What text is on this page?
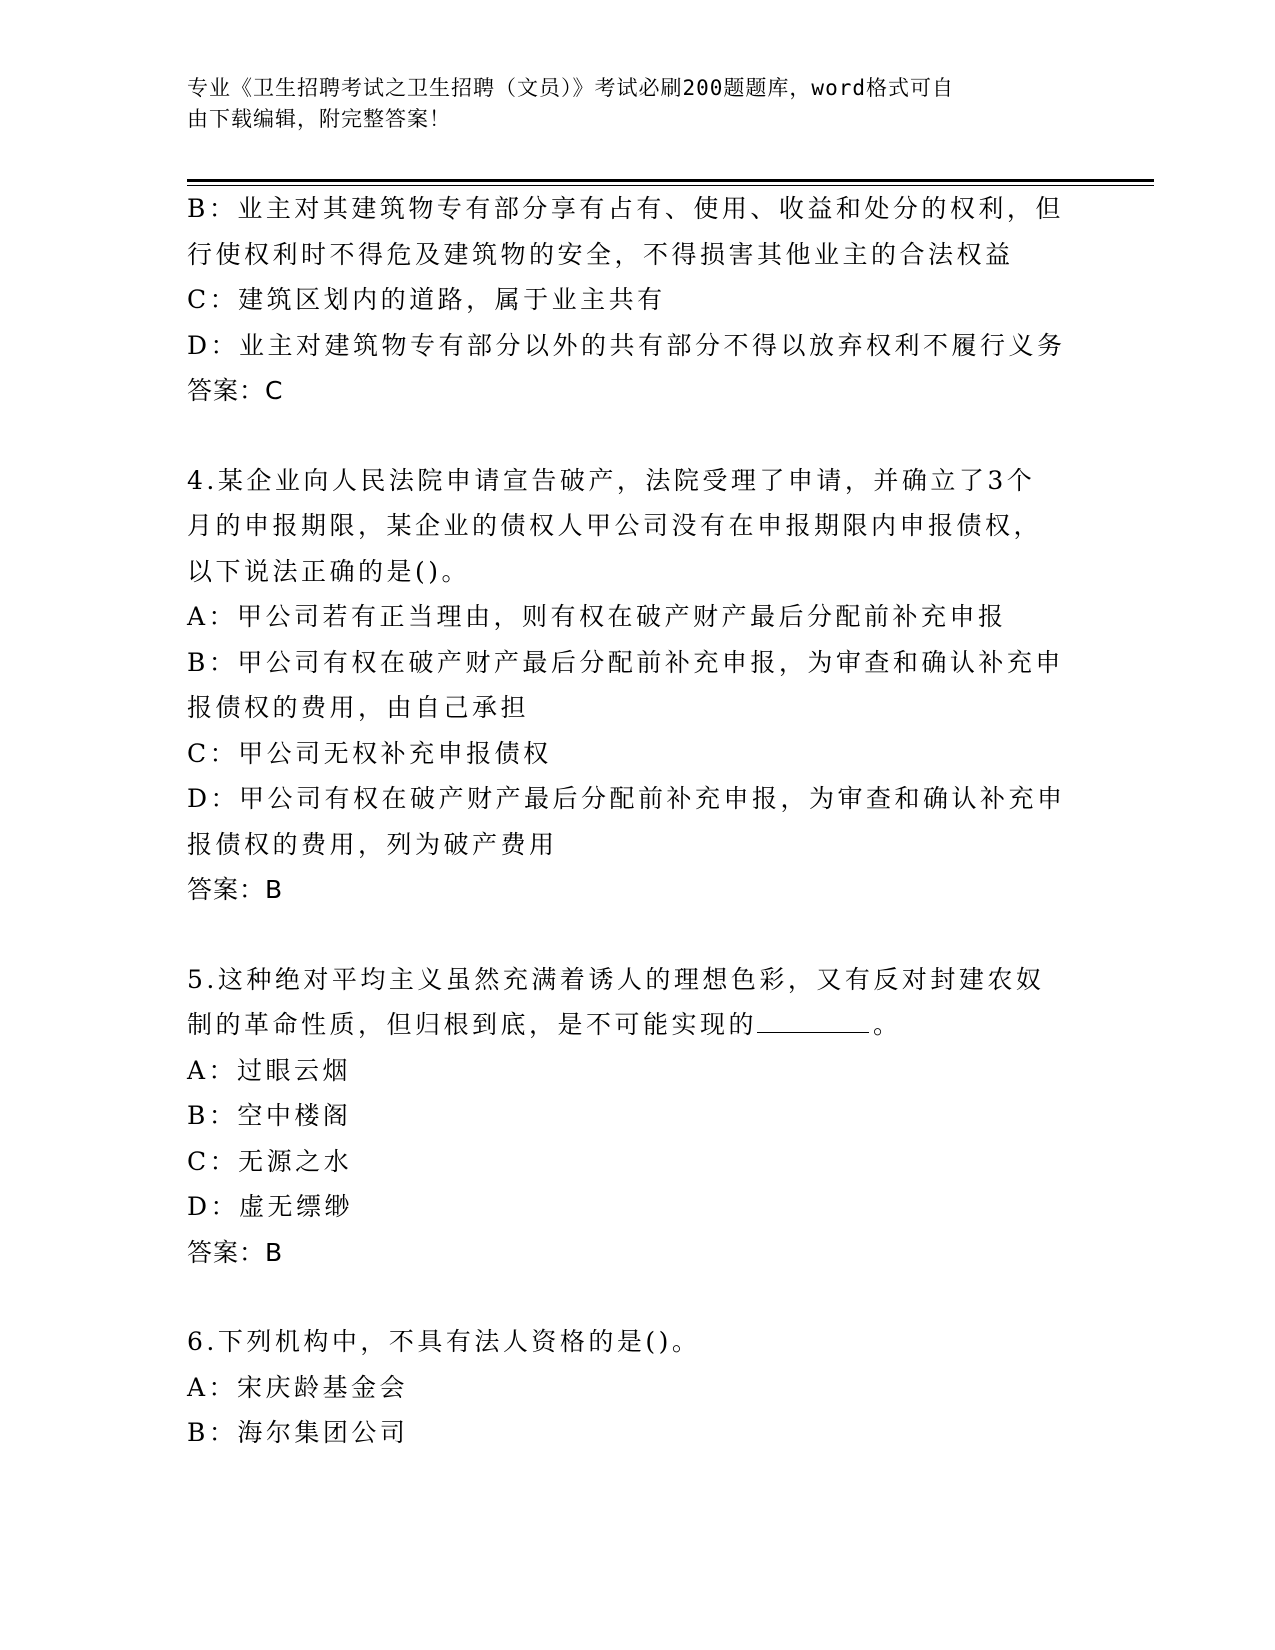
专业《卫生招聘考试之卫生招聘（文员）》考试必刷200题题库，word格式可自
由下载编辑，附完整答案！
B：业主对其建筑物专有部分享有占有、使用、收益和处分的权利，但
行使权利时不得危及建筑物的安全，不得损害其他业主的合法权益
C：建筑区划内的道路，属于业主共有
D：业主对建筑物专有部分以外的共有部分不得以放弃权利不履行义务
答案：C
4.某企业向人民法院申请宣告破产，法院受理了申请，并确立了3个
月的申报期限，某企业的债权人甲公司没有在申报期限内申报债权，
以下说法正确的是()。
A：甲公司若有正当理由，则有权在破产财产最后分配前补充申报
B：甲公司有权在破产财产最后分配前补充申报，为审查和确认补充申
报债权的费用，由自己承担
C：甲公司无权补充申报债权
D：甲公司有权在破产财产最后分配前补充申报，为审查和确认补充申
报债权的费用，列为破产费用
答案：B
5.这种绝对平均主义虽然充满着诱人的理想色彩，又有反对封建农奴
制的革命性质，但归根到底，是不可能实现的	。
A：过眼云烟
B：空中楼阁
C：无源之水
D：虚无缥缈
答案：B
6.下列机构中，不具有法人资格的是()。
A：宋庆龄基金会
B：海尔集团公司
